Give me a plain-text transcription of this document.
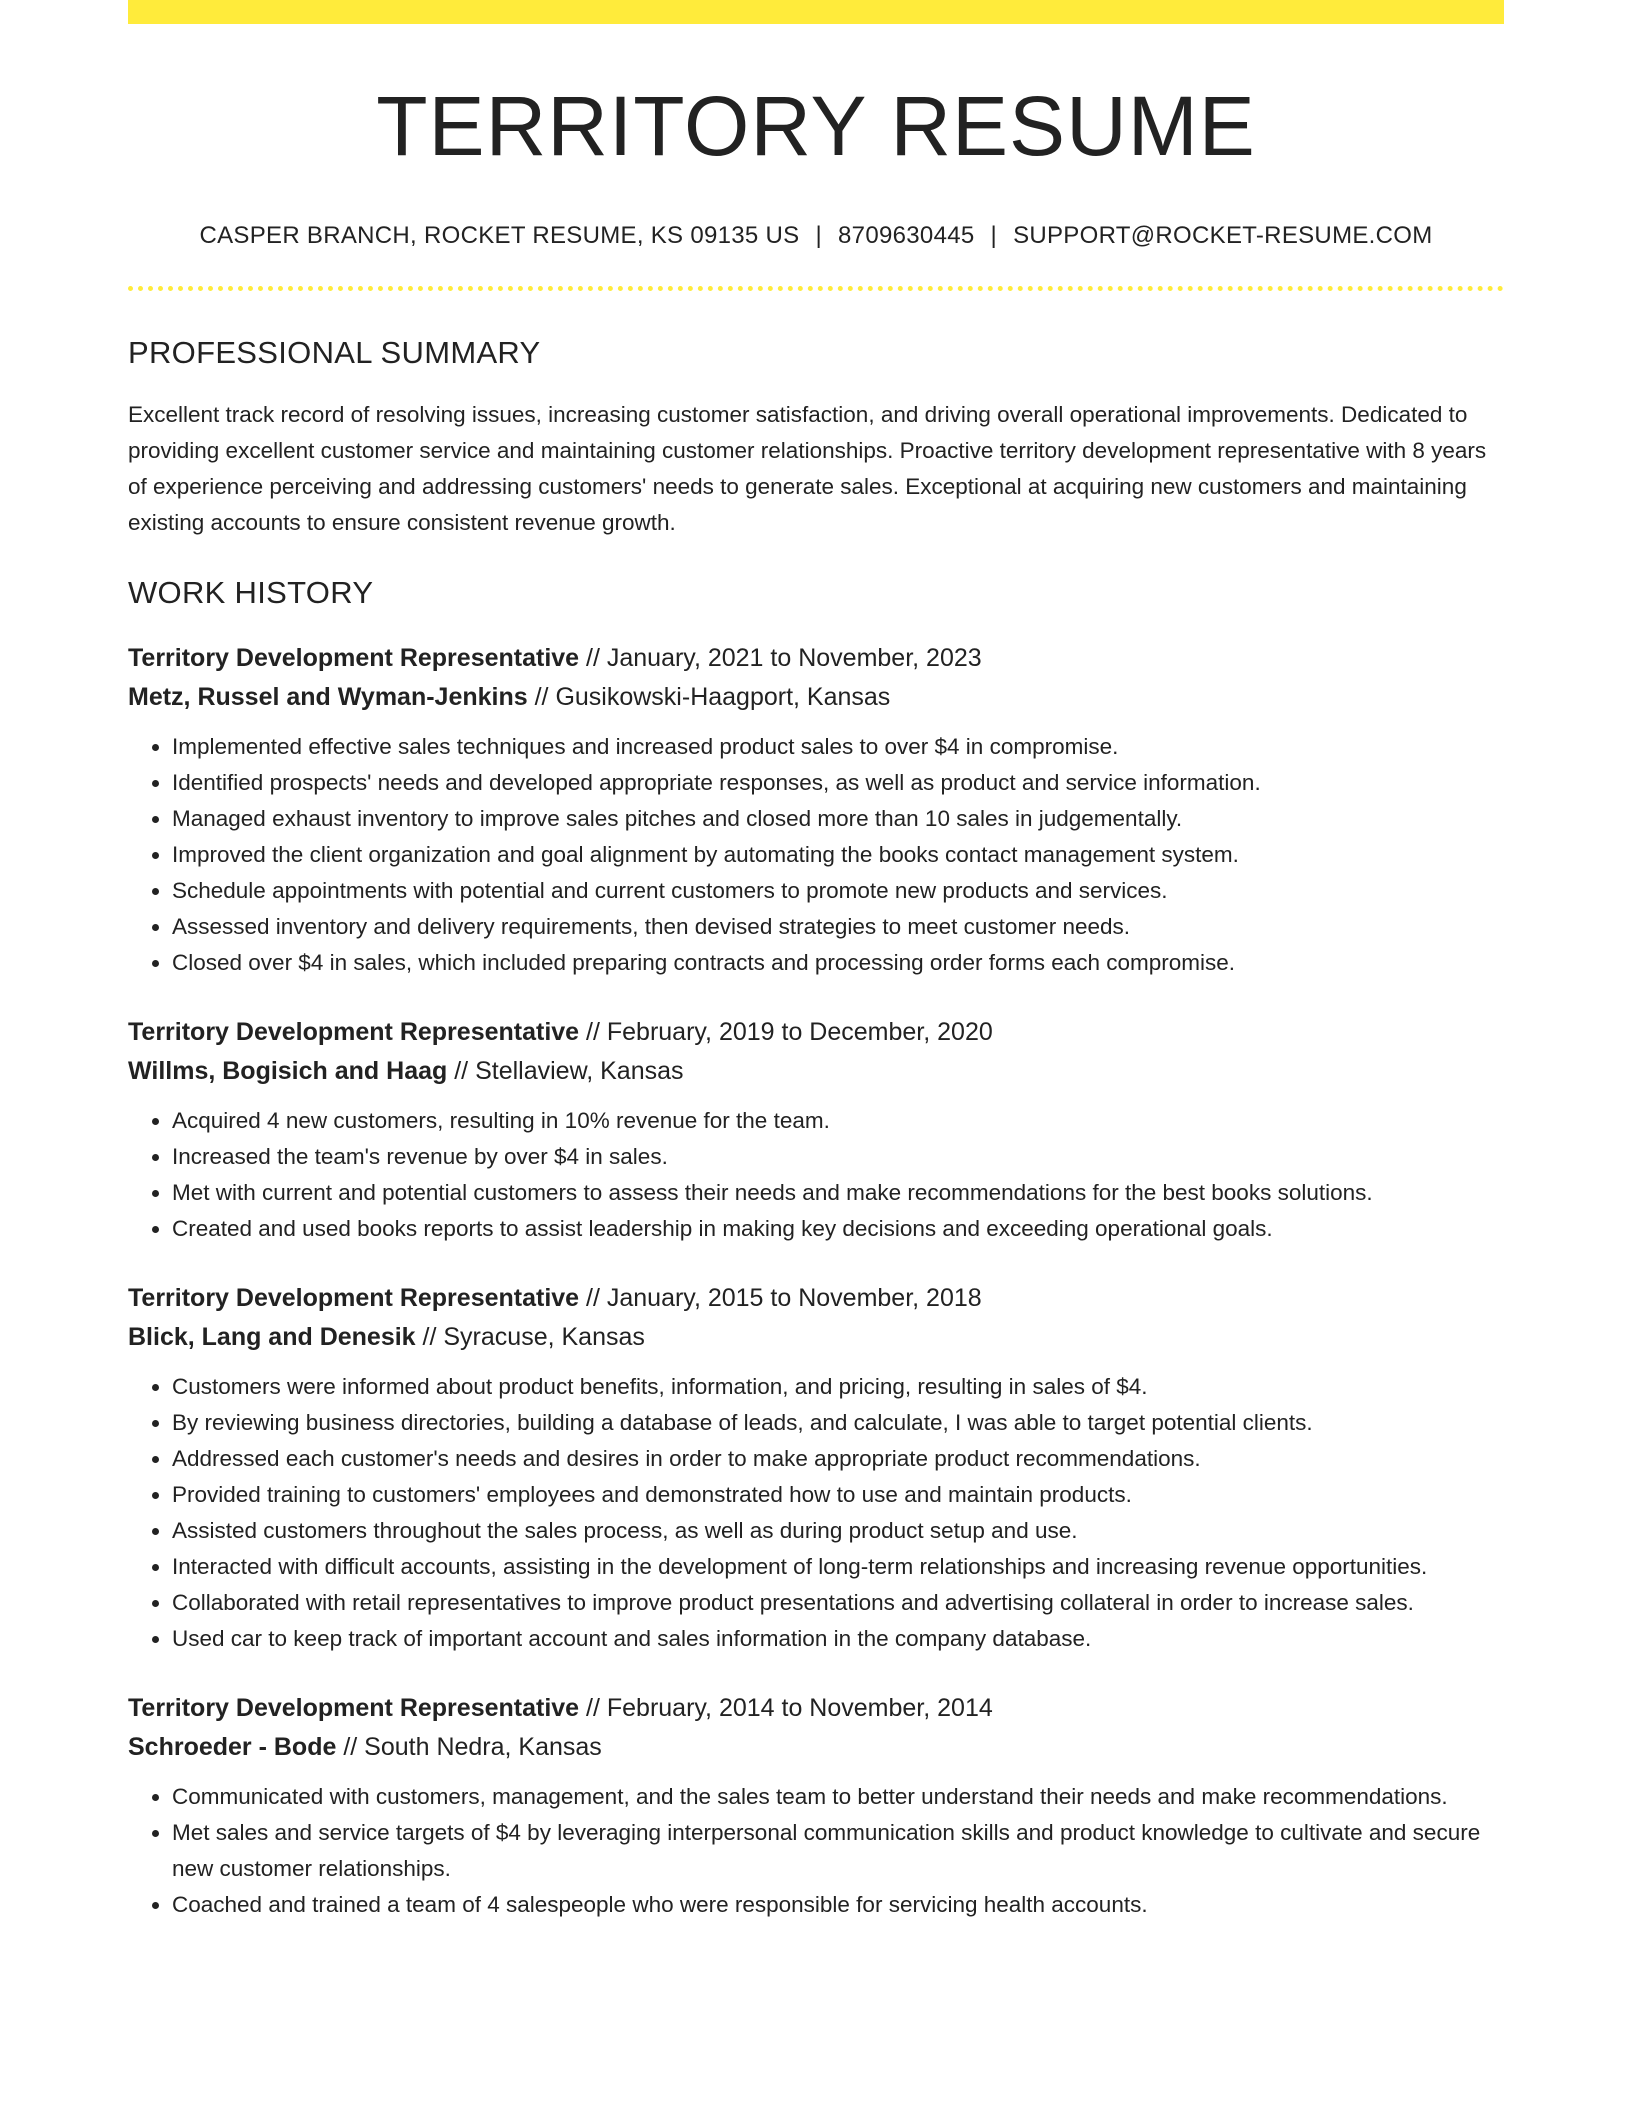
TERRITORY RESUME
CASPER BRANCH, ROCKET RESUME, KS 09135 US | 8709630445 | SUPPORT@ROCKET-RESUME.COM
PROFESSIONAL SUMMARY

Excellent track record of resolving issues, increasing customer satisfaction, and driving overall operational improvements. Dedicated to providing excellent customer service and maintaining customer relationships. Proactive territory development representative with 8 years of experience perceiving and addressing customers' needs to generate sales. Exceptional at acquiring new customers and maintaining existing accounts to ensure consistent revenue growth.

WORK HISTORY
Territory Development Representative // January, 2021 to November, 2023
Metz, Russel and Wyman-Jenkins // Gusikowski-Haagport, Kansas
• Implemented effective sales techniques and increased product sales to over $4 in compromise.
• Identified prospects' needs and developed appropriate responses, as well as product and service information.
• Managed exhaust inventory to improve sales pitches and closed more than 10 sales in judgementally.
• Improved the client organization and goal alignment by automating the books contact management system.
• Schedule appointments with potential and current customers to promote new products and services.
• Assessed inventory and delivery requirements, then devised strategies to meet customer needs.
• Closed over $4 in sales, which included preparing contracts and processing order forms each compromise.
Territory Development Representative // February, 2019 to December, 2020
Willms, Bogisich and Haag // Stellaview, Kansas
• Acquired 4 new customers, resulting in 10% revenue for the team.
• Increased the team's revenue by over $4 in sales.
• Met with current and potential customers to assess their needs and make recommendations for the best books solutions.
• Created and used books reports to assist leadership in making key decisions and exceeding operational goals.
Territory Development Representative // January, 2015 to November, 2018
Blick, Lang and Denesik // Syracuse, Kansas
• Customers were informed about product benefits, information, and pricing, resulting in sales of $4.
• By reviewing business directories, building a database of leads, and calculate, I was able to target potential clients.
• Addressed each customer's needs and desires in order to make appropriate product recommendations.
• Provided training to customers' employees and demonstrated how to use and maintain products.
• Assisted customers throughout the sales process, as well as during product setup and use.
• Interacted with difficult accounts, assisting in the development of long-term relationships and increasing revenue opportunities.
• Collaborated with retail representatives to improve product presentations and advertising collateral in order to increase sales.
• Used car to keep track of important account and sales information in the company database.
Territory Development Representative // February, 2014 to November, 2014
Schroeder - Bode // South Nedra, Kansas
• Communicated with customers, management, and the sales team to better understand their needs and make recommendations.
• Met sales and service targets of $4 by leveraging interpersonal communication skills and product knowledge to cultivate and secure new customer relationships.
• Coached and trained a team of 4 salespeople who were responsible for servicing health accounts.
